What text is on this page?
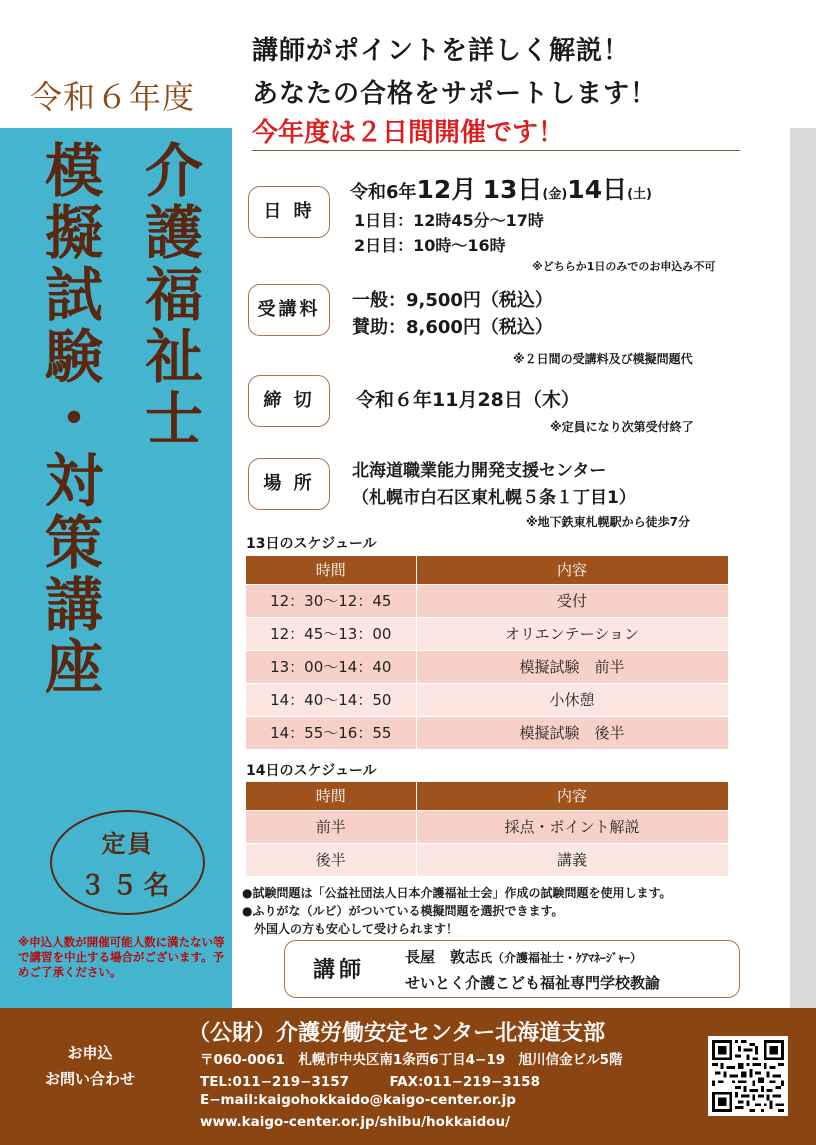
令和６年度
介護福祉士
模擬試験・対策講座
定員
３５名
※申込人数が開催可能人数に満たない等で講習を中止する場合がございます。予めご了承ください。
講師がポイントを詳しく解説！
あなたの合格をサポートします！
今年度は２日間開催です！
日 時
令和6年12月 13日(金)14日(土)
1日目：12時45分～17時
2日目：10時～16時
※どちらか1日のみでのお申込み不可
受講料	一般：9,500円（税込）
賛助：8,600円（税込）
※２日間の受講料及び模擬問題代
締 切	令和６年11月28日（木）
※定員になり次第受付終了
場 所
北海道職業能力開発支援センター
（札幌市白石区東札幌５条１丁目1）
※地下鉄東札幌駅から徒歩7分
13日のスケジュール
時間	内容
12：30～12：45	受付
12：45～13：00	オリエンテーション
13：00～14：40	模擬試験　前半
14：40～14：50	小休憩
14：55～16：55	模擬試験　後半
14日のスケジュール
時間	内容
前半	採点・ポイント解説
後半	講義
●試験問題は「公益社団法人日本介護福祉士会」作成の試験問題を使用します。
●ふりがな（ルビ）がついている模擬問題を選択できます。
　外国人の方も安心して受けられます！
講師
長屋　敦志氏（介護福祉士・ｹｱﾏﾈｰｼﾞｬｰ）
せいとく介護こども福祉専門学校教諭
お申込
お問い合わせ
（公財）介護労働安定センター北海道支部
〒060-0061　札幌市中央区南1条西6丁目4−19　旭川信金ビル5階
TEL:011−219−3157　　　FAX:011−219−3158
E−mail:kaigohokkaido@kaigo-center.or.jp
www.kaigo-center.or.jp/shibu/hokkaidou/
